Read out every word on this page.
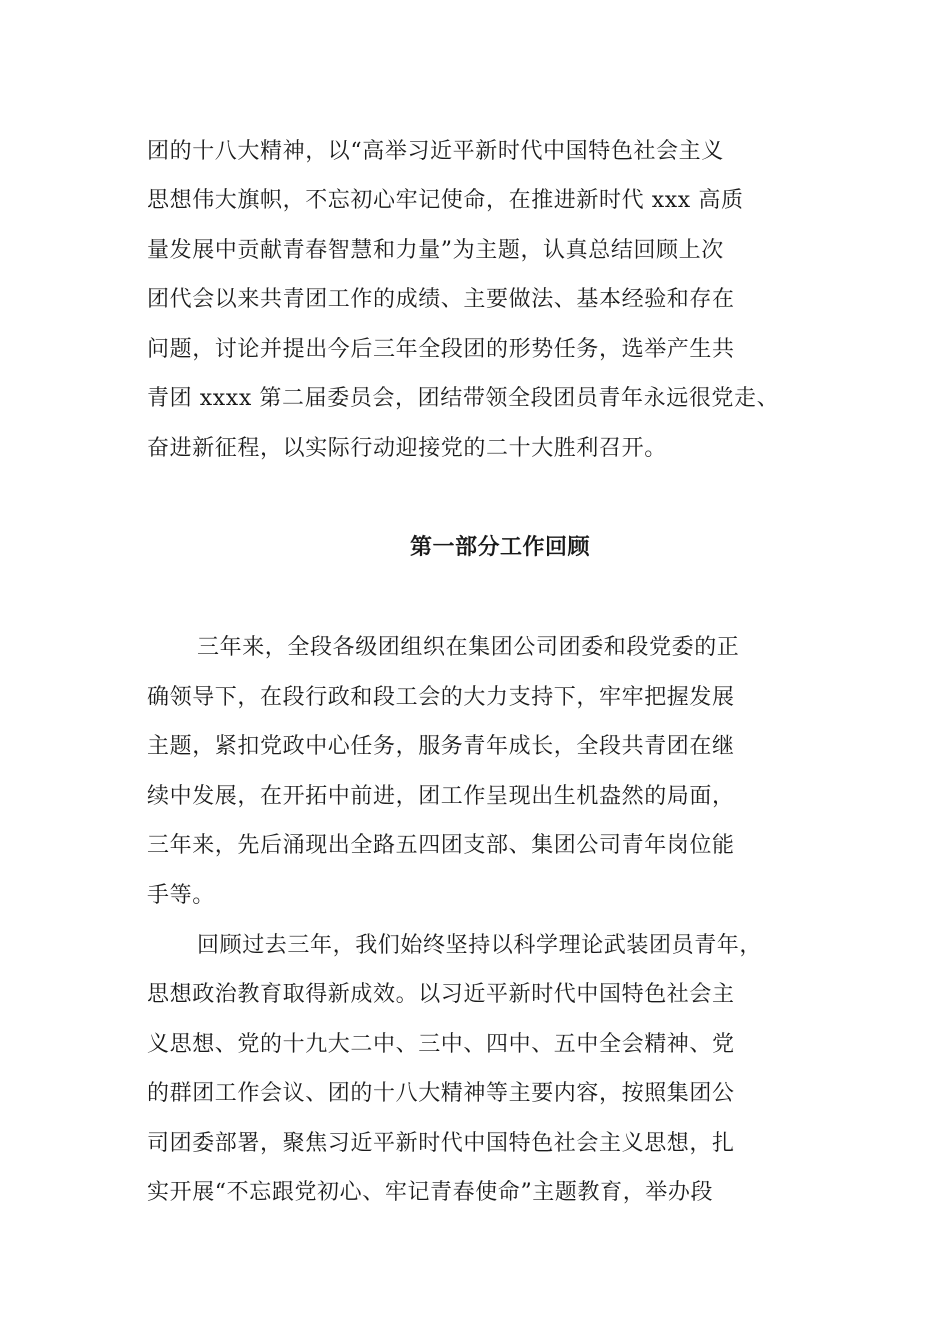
团的十八大精神，以“高举习近平新时代中国特色社会主义
思想伟大旗帜，不忘初心牢记使命，在推进新时代 xxx 高质
量发展中贡献青春智慧和力量”为主题，认真总结回顾上次
团代会以来共青团工作的成绩、主要做法、基本经验和存在
问题，讨论并提出今后三年全段团的形势任务，选举产生共
青团 xxxx 第二届委员会，团结带领全段团员青年永远很党走、
奋进新征程，以实际行动迎接党的二十大胜利召开。
第一部分工作回顾
三年来，全段各级团组织在集团公司团委和段党委的正
确领导下，在段行政和段工会的大力支持下，牢牢把握发展
主题，紧扣党政中心任务，服务青年成长，全段共青团在继
续中发展，在开拓中前进，团工作呈现出生机盎然的局面，
三年来，先后涌现出全路五四团支部、集团公司青年岗位能
手等。
回顾过去三年，我们始终坚持以科学理论武装团员青年，
思想政治教育取得新成效。以习近平新时代中国特色社会主
义思想、党的十九大二中、三中、四中、五中全会精神、党
的群团工作会议、团的十八大精神等主要内容，按照集团公
司团委部署，聚焦习近平新时代中国特色社会主义思想，扎
实开展“不忘跟党初心、牢记青春使命”主题教育，举办段
